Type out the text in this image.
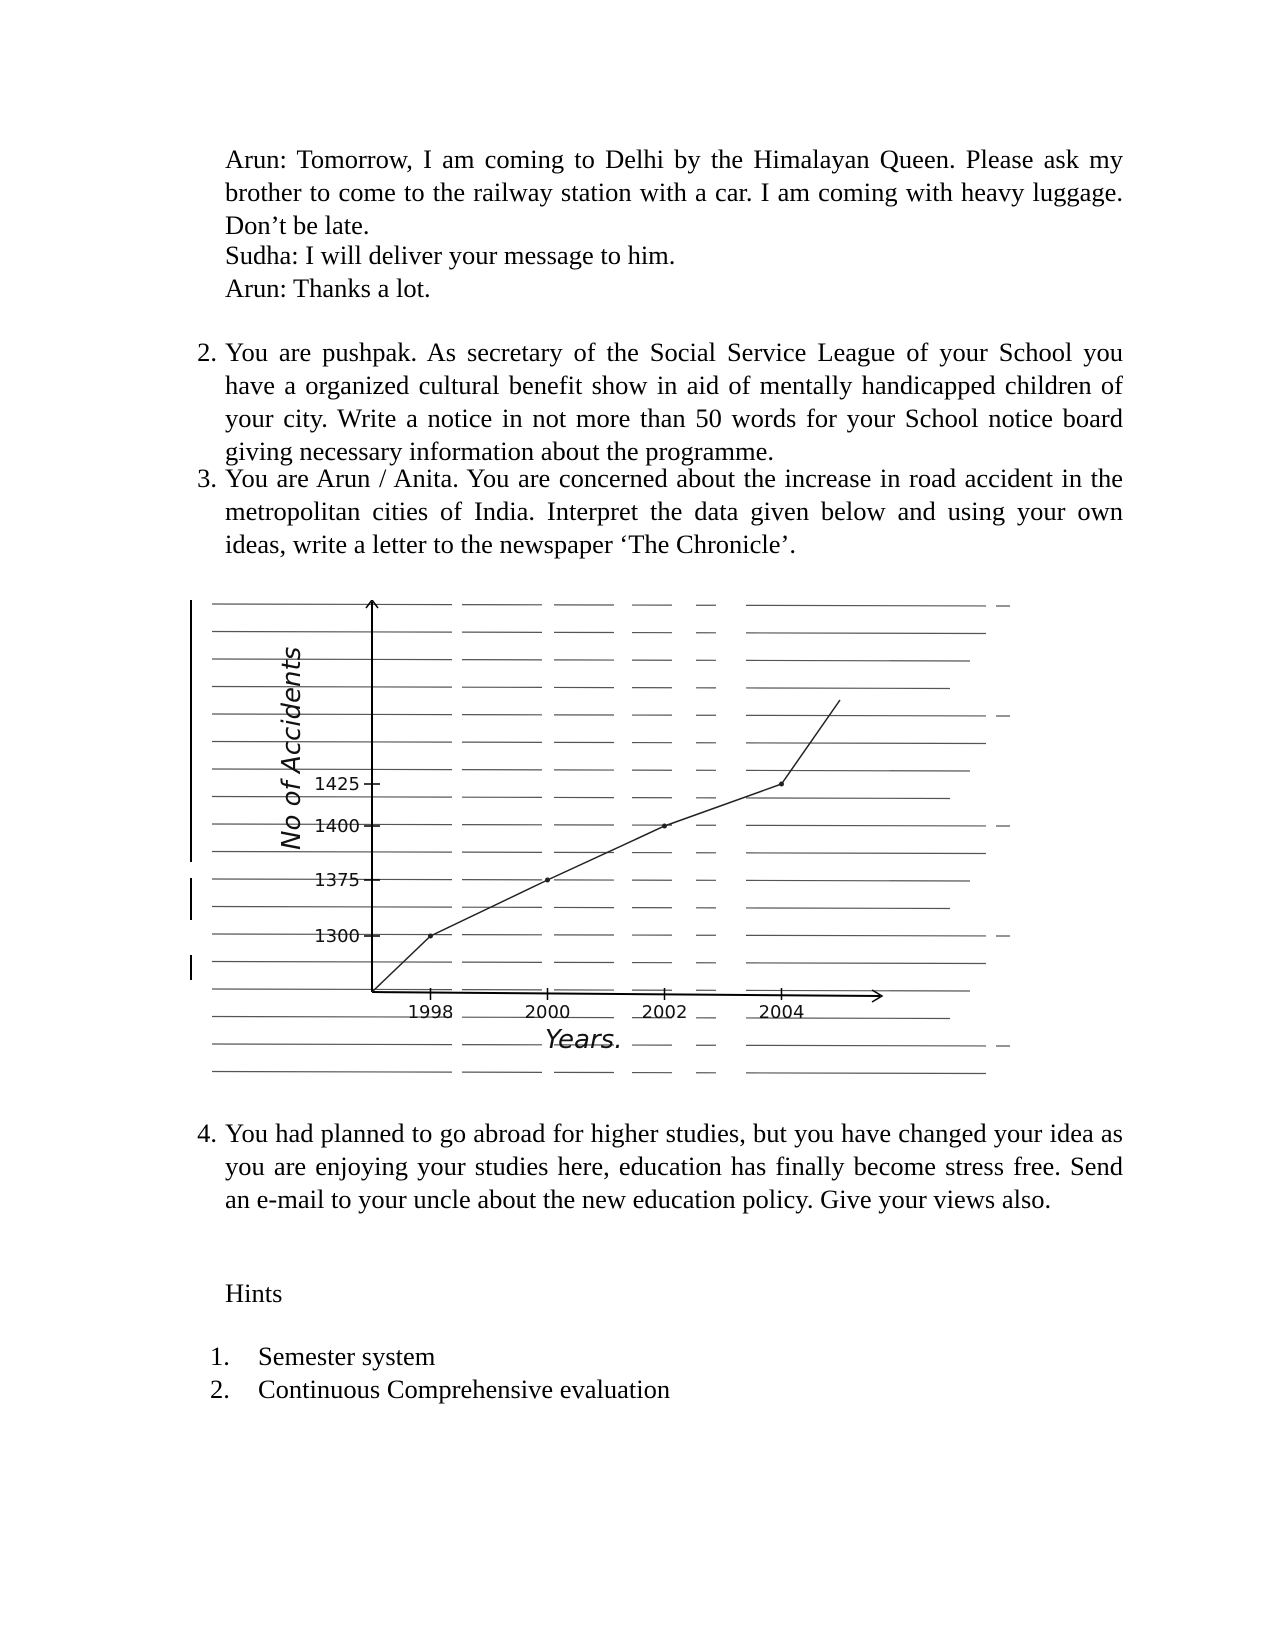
Arun: Tomorrow, I am coming to Delhi by the Himalayan Queen. Please ask my brother to come to the railway station with a car. I am coming with heavy luggage. Don’t be late.
Sudha: I will deliver your message to him.
Arun: Thanks a lot.
2. You are pushpak. As secretary of the Social Service League of your School you have a organized cultural benefit show in aid of mentally handicapped children of your city. Write a notice in not more than 50 words for your School notice board giving necessary information about the programme.
3. You are Arun / Anita. You are concerned about the increase in road accident in the metropolitan cities of India. Interpret the data given below and using your own ideas, write a letter to the newspaper ‘The Chronicle’.
1998	2000	2002	2004
1300
1375
1400
1425
Years.
No of Accidents
4. You had planned to go abroad for higher studies, but you have changed your idea as you are enjoying your studies here, education has finally become stress free. Send an e-mail to your uncle about the new education policy. Give your views also.
Hints
1.	Semester system
2.	Continuous Comprehensive evaluation
